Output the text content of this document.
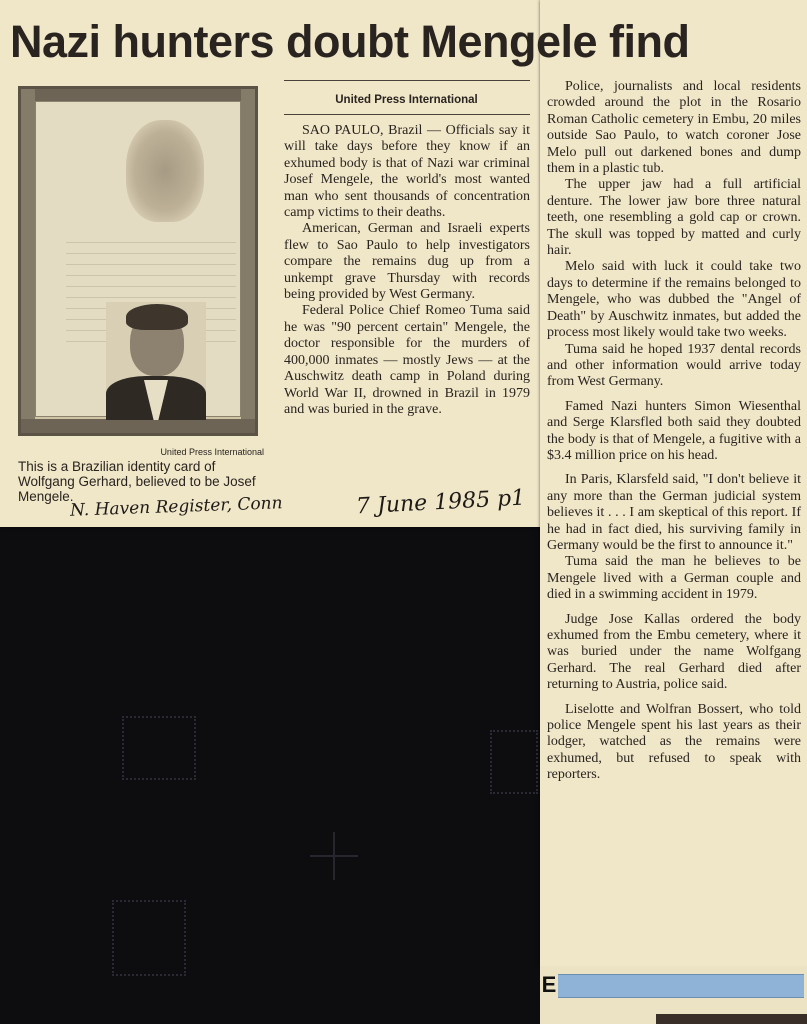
E
Nazi hunters doubt Mengele find
United Press International
This is a Brazilian identity card of Wolfgang Gerhard, believed to be Josef Mengele.
N. Haven Register, Conn	7 June 1985 p1
United Press International

SAO PAULO, Brazil — Officials say it will take days before they know if an exhumed body is that of Nazi war criminal Josef Mengele, the world's most wanted man who sent thousands of concentration camp victims to their deaths.

American, German and Israeli experts flew to Sao Paulo to help investigators compare the remains dug up from a unkempt grave Thursday with records being provided by West Germany.

Federal Police Chief Romeo Tuma said he was "90 percent certain" Mengele, the doctor responsible for the murders of 400,000 inmates — mostly Jews — at the Auschwitz death camp in Poland during World War II, drowned in Brazil in 1979 and was buried in the grave.

Police, journalists and local residents crowded around the plot in the Rosario Roman Catholic cemetery in Embu, 20 miles outside Sao Paulo, to watch coroner Jose Melo pull out darkened bones and dump them in a plastic tub.

The upper jaw had a full artificial denture. The lower jaw bore three natural teeth, one resembling a gold cap or crown. The skull was topped by matted and curly hair.

Melo said with luck it could take two days to determine if the remains belonged to Mengele, who was dubbed the "Angel of Death" by Auschwitz inmates, but added the process most likely would take two weeks.

Tuma said he hoped 1937 dental records and other information would arrive today from West Germany.

Famed Nazi hunters Simon Wiesenthal and Serge Klarsfled both said they doubted the body is that of Mengele, a fugitive with a $3.4 million price on his head.

In Paris, Klarsfeld said, "I don't believe it any more than the German judicial system believes it . . . I am skeptical of this report. If he had in fact died, his surviving family in Germany would be the first to announce it."

Tuma said the man he believes to be Mengele lived with a German couple and died in a swimming accident in 1979.

Judge Jose Kallas ordered the body exhumed from the Embu cemetery, where it was buried under the name Wolfgang Gerhard. The real Gerhard died after returning to Austria, police said.

Liselotte and Wolfran Bossert, who told police Mengele spent his last years as their lodger, watched as the remains were exhumed, but refused to speak with reporters.
